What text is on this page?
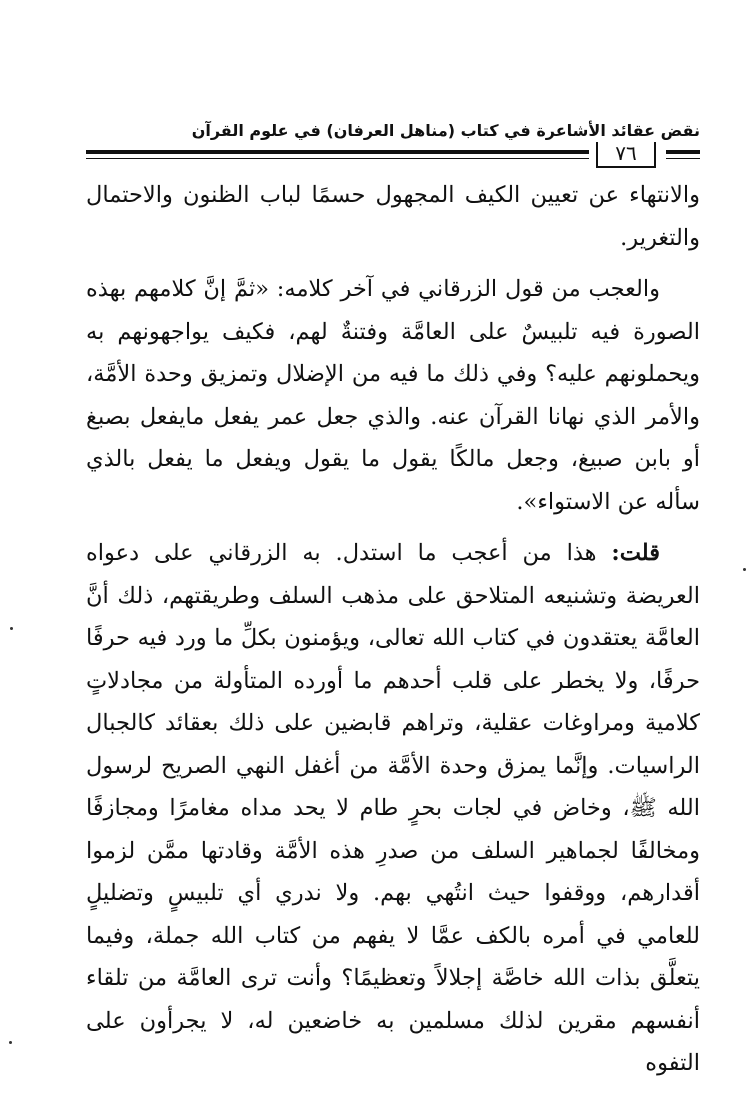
نقض عقائد الأشاعرة في كتاب (مناهل العرفان) في علوم القرآن
٧٦

والانتهاء عن تعيين الكيف المجهول حسمًا لباب الظنون والاحتمال والتغرير.

والعجب من قول الزرقاني في آخر كلامه: «ثمَّ إنَّ كلامهم بهذه الصورة فيه تلبيسٌ على العامَّة وفتنةٌ لهم، فكيف يواجهونهم به ويحملونهم عليه؟ وفي ذلك ما فيه من الإضلال وتمزيق وحدة الأمَّة، والأمر الذي نهانا القرآن عنه. والذي جعل عمر يفعل مايفعل بصبغ أو بابن صبيغ، وجعل مالكًا يقول ما يقول ويفعل ما يفعل بالذي سأله عن الاستواء».

قلت: هذا من أعجب ما استدل. به الزرقاني على دعواه العريضة وتشنيعه المتلاحق على مذهب السلف وطريقتهم، ذلك أنَّ العامَّة يعتقدون في كتاب الله تعالى، ويؤمنون بكلِّ ما ورد فيه حرفًا حرفًا، ولا يخطر على قلب أحدهم ما أورده المتأولة من مجادلاتٍ كلامية ومراوغات عقلية، وتراهم قابضين على ذلك بعقائد كالجبال الراسيات. وإنَّما يمزق وحدة الأمَّة من أغفل النهي الصريح لرسول الله ﷺ، وخاض في لجات بحرٍ طام لا يحد مداه مغامرًا ومجازفًا ومخالفًا لجماهير السلف من صدرِ هذه الأمَّة وقادتها ممَّن لزموا أقدارهم، ووقفوا حيث انتُهي بهم. ولا ندري أي تلبيسٍ وتضليلٍ للعامي في أمره بالكف عمَّا لا يفهم من كتاب الله جملة، وفيما يتعلَّق بذات الله خاصَّة إجلالاً وتعظيمًا؟ وأنت ترى العامَّة من تلقاء أنفسهم مقرين لذلك مسلمين به خاضعين له، لا يجرأون على التفوه
